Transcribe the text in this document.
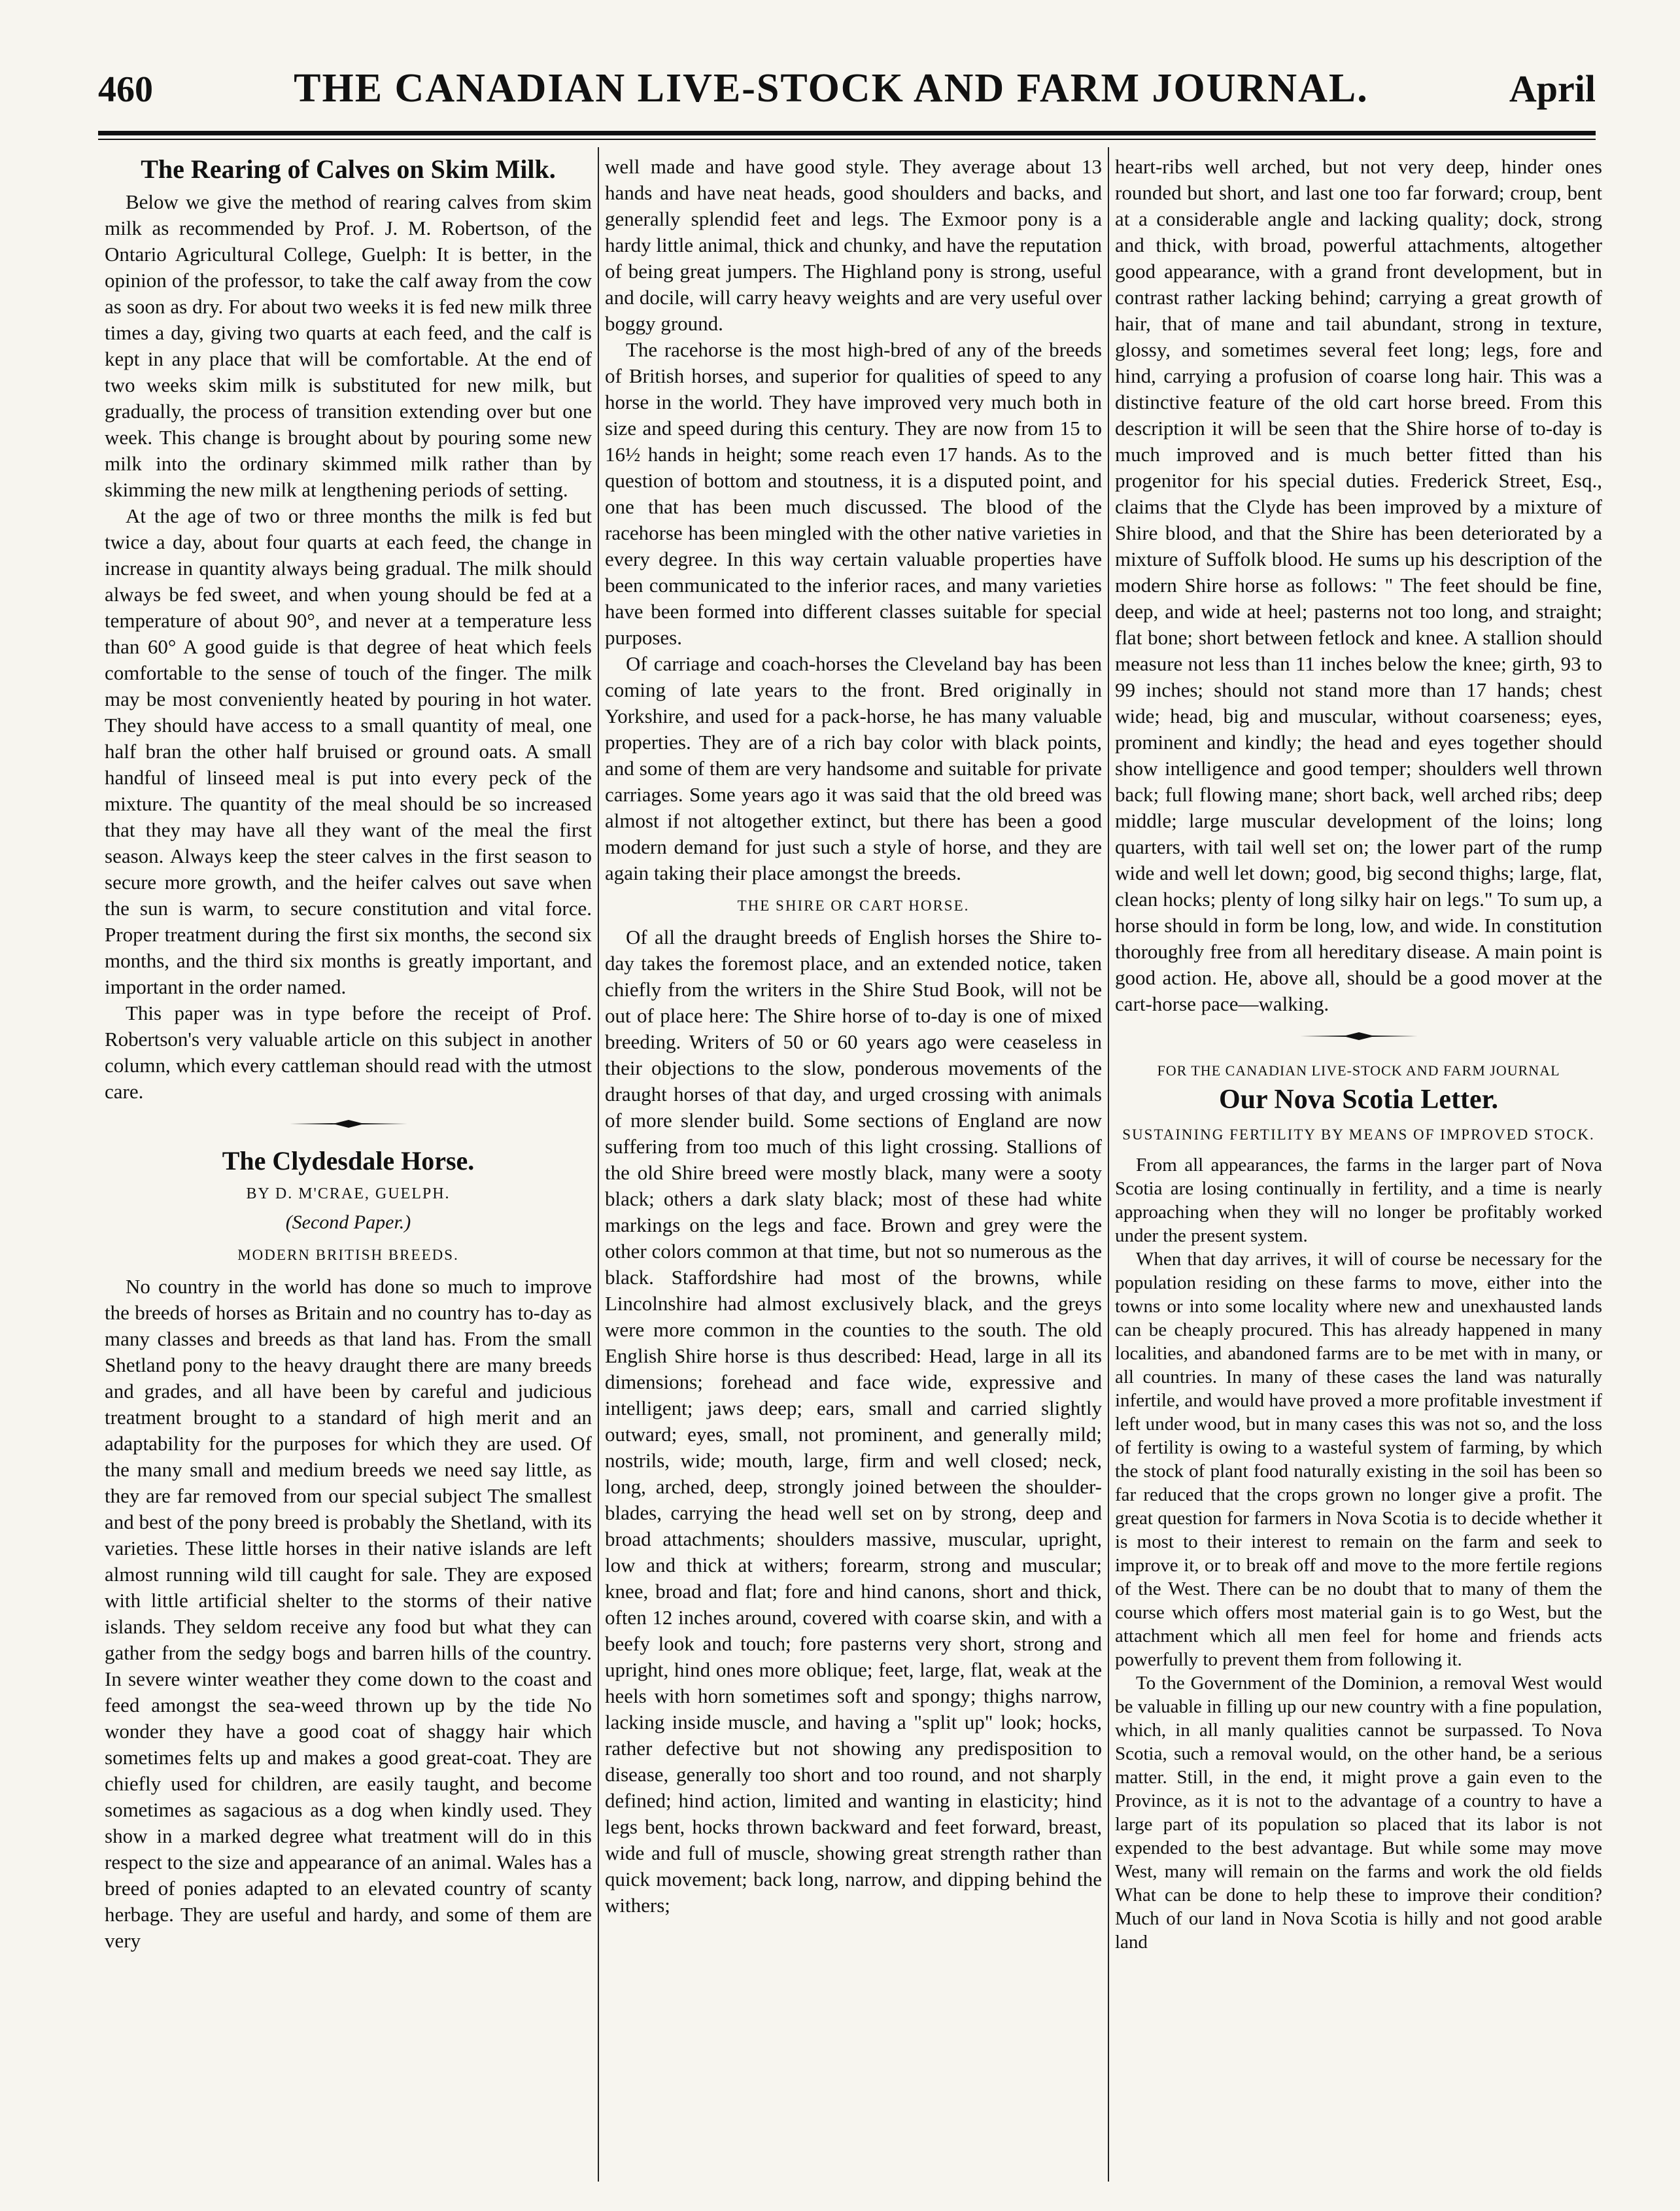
460	THE CANADIAN LIVE-STOCK AND FARM JOURNAL.	April
The Rearing of Calves on Skim Milk.

Below we give the method of rearing calves from skim milk as recommended by Prof. J. M. Robertson, of the Ontario Agricultural College, Guelph: It is better, in the opinion of the professor, to take the calf away from the cow as soon as dry. For about two weeks it is fed new milk three times a day, giving two quarts at each feed, and the calf is kept in any place that will be comfortable. At the end of two weeks skim milk is substituted for new milk, but gradually, the process of transition extending over but one week. This change is brought about by pouring some new milk into the ordinary skimmed milk rather than by skimming the new milk at lengthening periods of setting.

At the age of two or three months the milk is fed but twice a day, about four quarts at each feed, the change in increase in quantity always being gradual. The milk should always be fed sweet, and when young should be fed at a temperature of about 90°, and never at a temperature less than 60° A good guide is that degree of heat which feels comfortable to the sense of touch of the finger. The milk may be most conveniently heated by pouring in hot water. They should have access to a small quantity of meal, one half bran the other half bruised or ground oats. A small handful of linseed meal is put into every peck of the mixture. The quantity of the meal should be so increased that they may have all they want of the meal the first season. Always keep the steer calves in the first season to secure more growth, and the heifer calves out save when the sun is warm, to secure constitution and vital force. Proper treatment during the first six months, the second six months, and the third six months is greatly important, and important in the order named.

This paper was in type before the receipt of Prof. Robertson's very valuable article on this subject in another column, which every cattleman should read with the utmost care.

The Clydesdale Horse.
BY D. M'CRAE, GUELPH.
(Second Paper.)
MODERN BRITISH BREEDS.

No country in the world has done so much to improve the breeds of horses as Britain and no country has to-day as many classes and breeds as that land has. From the small Shetland pony to the heavy draught there are many breeds and grades, and all have been by careful and judicious treatment brought to a standard of high merit and an adaptability for the purposes for which they are used. Of the many small and medium breeds we need say little, as they are far removed from our special subject The smallest and best of the pony breed is probably the Shetland, with its varieties. These little horses in their native islands are left almost running wild till caught for sale. They are exposed with little artificial shelter to the storms of their native islands. They seldom receive any food but what they can gather from the sedgy bogs and barren hills of the country. In severe winter weather they come down to the coast and feed amongst the sea-weed thrown up by the tide No wonder they have a good coat of shaggy hair which sometimes felts up and makes a good great-coat. They are chiefly used for children, are easily taught, and become sometimes as sagacious as a dog when kindly used. They show in a marked degree what treatment will do in this respect to the size and appearance of an animal. Wales has a breed of ponies adapted to an elevated country of scanty herbage. They are useful and hardy, and some of them are very

well made and have good style. They average about 13 hands and have neat heads, good shoulders and backs, and generally splendid feet and legs. The Exmoor pony is a hardy little animal, thick and chunky, and have the reputation of being great jumpers. The Highland pony is strong, useful and docile, will carry heavy weights and are very useful over boggy ground.

The racehorse is the most high-bred of any of the breeds of British horses, and superior for qualities of speed to any horse in the world. They have improved very much both in size and speed during this century. They are now from 15 to 16½ hands in height; some reach even 17 hands. As to the question of bottom and stoutness, it is a disputed point, and one that has been much discussed. The blood of the racehorse has been mingled with the other native varieties in every degree. In this way certain valuable properties have been communicated to the inferior races, and many varieties have been formed into different classes suitable for special purposes.

Of carriage and coach-horses the Cleveland bay has been coming of late years to the front. Bred originally in Yorkshire, and used for a pack-horse, he has many valuable properties. They are of a rich bay color with black points, and some of them are very handsome and suitable for private carriages. Some years ago it was said that the old breed was almost if not altogether extinct, but there has been a good modern demand for just such a style of horse, and they are again taking their place amongst the breeds.

THE SHIRE OR CART HORSE.

Of all the draught breeds of English horses the Shire to-day takes the foremost place, and an extended notice, taken chiefly from the writers in the Shire Stud Book, will not be out of place here: The Shire horse of to-day is one of mixed breeding. Writers of 50 or 60 years ago were ceaseless in their objections to the slow, ponderous movements of the draught horses of that day, and urged crossing with animals of more slender build. Some sections of England are now suffering from too much of this light crossing. Stallions of the old Shire breed were mostly black, many were a sooty black; others a dark slaty black; most of these had white markings on the legs and face. Brown and grey were the other colors common at that time, but not so numerous as the black. Staffordshire had most of the browns, while Lincolnshire had almost exclusively black, and the greys were more common in the counties to the south. The old English Shire horse is thus described: Head, large in all its dimensions; forehead and face wide, expressive and intelligent; jaws deep; ears, small and carried slightly outward; eyes, small, not prominent, and generally mild; nostrils, wide; mouth, large, firm and well closed; neck, long, arched, deep, strongly joined between the shoulder-blades, carrying the head well set on by strong, deep and broad attachments; shoulders massive, muscular, upright, low and thick at withers; forearm, strong and muscular; knee, broad and flat; fore and hind canons, short and thick, often 12 inches around, covered with coarse skin, and with a beefy look and touch; fore pasterns very short, strong and upright, hind ones more oblique; feet, large, flat, weak at the heels with horn sometimes soft and spongy; thighs narrow, lacking inside muscle, and having a "split up" look; hocks, rather defective but not showing any predisposition to disease, generally too short and too round, and not sharply defined; hind action, limited and wanting in elasticity; hind legs bent, hocks thrown backward and feet forward, breast, wide and full of muscle, showing great strength rather than quick movement; back long, narrow, and dipping behind the withers;

heart-ribs well arched, but not very deep, hinder ones rounded but short, and last one too far forward; croup, bent at a considerable angle and lacking quality; dock, strong and thick, with broad, powerful attachments, altogether good appearance, with a grand front development, but in contrast rather lacking behind; carrying a great growth of hair, that of mane and tail abundant, strong in texture, glossy, and sometimes several feet long; legs, fore and hind, carrying a profusion of coarse long hair. This was a distinctive feature of the old cart horse breed. From this description it will be seen that the Shire horse of to-day is much improved and is much better fitted than his progenitor for his special duties. Frederick Street, Esq., claims that the Clyde has been improved by a mixture of Shire blood, and that the Shire has been deteriorated by a mixture of Suffolk blood. He sums up his description of the modern Shire horse as follows: " The feet should be fine, deep, and wide at heel; pasterns not too long, and straight; flat bone; short between fetlock and knee. A stallion should measure not less than 11 inches below the knee; girth, 93 to 99 inches; should not stand more than 17 hands; chest wide; head, big and muscular, without coarseness; eyes, prominent and kindly; the head and eyes together should show intelligence and good temper; shoulders well thrown back; full flowing mane; short back, well arched ribs; deep middle; large muscular development of the loins; long quarters, with tail well set on; the lower part of the rump wide and well let down; good, big second thighs; large, flat, clean hocks; plenty of long silky hair on legs." To sum up, a horse should in form be long, low, and wide. In constitution thoroughly free from all hereditary disease. A main point is good action. He, above all, should be a good mover at the cart-horse pace—walking.

FOR THE CANADIAN LIVE-STOCK AND FARM JOURNAL
Our Nova Scotia Letter.
SUSTAINING FERTILITY BY MEANS OF IMPROVED STOCK.

From all appearances, the farms in the larger part of Nova Scotia are losing continually in fertility, and a time is nearly approaching when they will no longer be profitably worked under the present system.

When that day arrives, it will of course be necessary for the population residing on these farms to move, either into the towns or into some locality where new and unexhausted lands can be cheaply procured. This has already happened in many localities, and abandoned farms are to be met with in many, or all countries. In many of these cases the land was naturally infertile, and would have proved a more profitable investment if left under wood, but in many cases this was not so, and the loss of fertility is owing to a wasteful system of farming, by which the stock of plant food naturally existing in the soil has been so far reduced that the crops grown no longer give a profit. The great question for farmers in Nova Scotia is to decide whether it is most to their interest to remain on the farm and seek to improve it, or to break off and move to the more fertile regions of the West. There can be no doubt that to many of them the course which offers most material gain is to go West, but the attachment which all men feel for home and friends acts powerfully to prevent them from following it.

To the Government of the Dominion, a removal West would be valuable in filling up our new country with a fine population, which, in all manly qualities cannot be surpassed. To Nova Scotia, such a removal would, on the other hand, be a serious matter. Still, in the end, it might prove a gain even to the Province, as it is not to the advantage of a country to have a large part of its population so placed that its labor is not expended to the best advantage. But while some may move West, many will remain on the farms and work the old fields What can be done to help these to improve their condition? Much of our land in Nova Scotia is hilly and not good arable land
